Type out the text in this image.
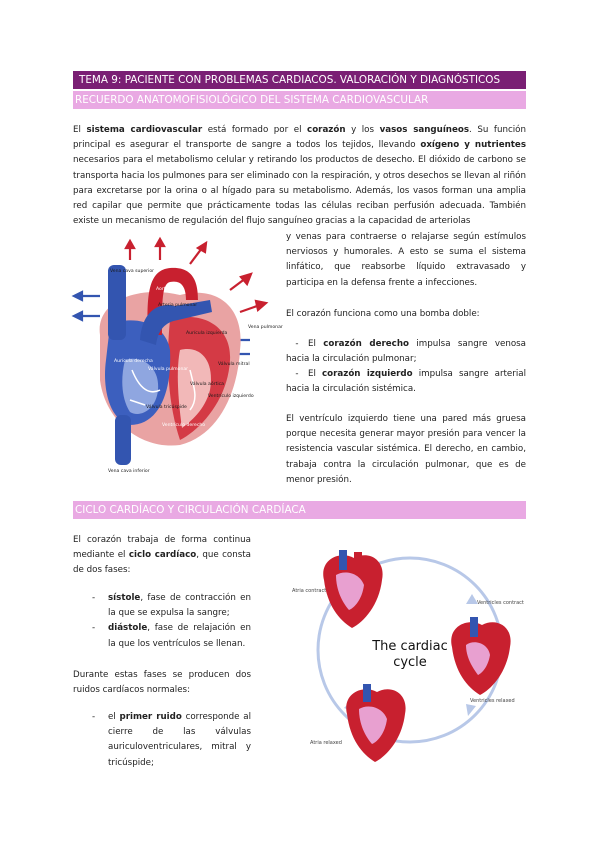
TEMA 9: PACIENTE CON PROBLEMAS CARDIACOS. VALORACIÓN Y DIAGNÓSTICOS
RECUERDO ANATOMOFISIOLÓGICO DEL SISTEMA CARDIOVASCULAR

El sistema cardiovascular está formado por el corazón y los vasos sanguíneos. Su función principal es asegurar el transporte de sangre a todos los tejidos, llevando oxígeno y nutrientes necesarios para el metabolismo celular y retirando los productos de desecho. El dióxido de carbono se transporta hacia los pulmones para ser eliminado con la respiración, y otros desechos se llevan al riñón para excretarse por la orina o al hígado para su metabolismo. Además, los vasos forman una amplia red capilar que permite que prácticamente todas las células reciban perfusión adecuada. También existe un mecanismo de regulación del flujo sanguíneo gracias a la capacidad de arteriolas

Vena cava superior
Aorta
Arteria pulmonar
Aurícula izquierda
Vena pulmonar
Aurícula derecha
Válvula pulmonar
Válvula mitral
Válvula aórtica
Válvula tricúspide
Ventrículo izquierdo
Ventrículo derecho
Vena cava inferior

y venas para contraerse o relajarse según estímulos nerviosos y humorales. A esto se suma el sistema linfático, que reabsorbe líquido extravasado y participa en la defensa frente a infecciones.

El corazón funciona como una bomba doble:

- El corazón derecho impulsa sangre venosa hacia la circulación pulmonar;

- El corazón izquierdo impulsa sangre arterial hacia la circulación sistémica.

El ventrículo izquierdo tiene una pared más gruesa porque necesita generar mayor presión para vencer la resistencia vascular sistémica. El derecho, en cambio, trabaja contra la circulación pulmonar, que es de menor presión.

CICLO CARDÍACO Y CIRCULACIÓN CARDÍACA

El corazón trabaja de forma continua mediante el ciclo cardíaco, que consta de dos fases:

- sístole, fase de contracción en la que se expulsa la sangre;
- diástole, fase de relajación en la que los ventrículos se llenan.

Durante estas fases se producen dos ruidos cardíacos normales:

- el primer ruido corresponde al cierre de las válvulas auriculoventriculares, mitral y tricúspide;
The cardiac
cycle
Atria contract
Ventricles contract
Ventricles relaxed
Atria relaxed
